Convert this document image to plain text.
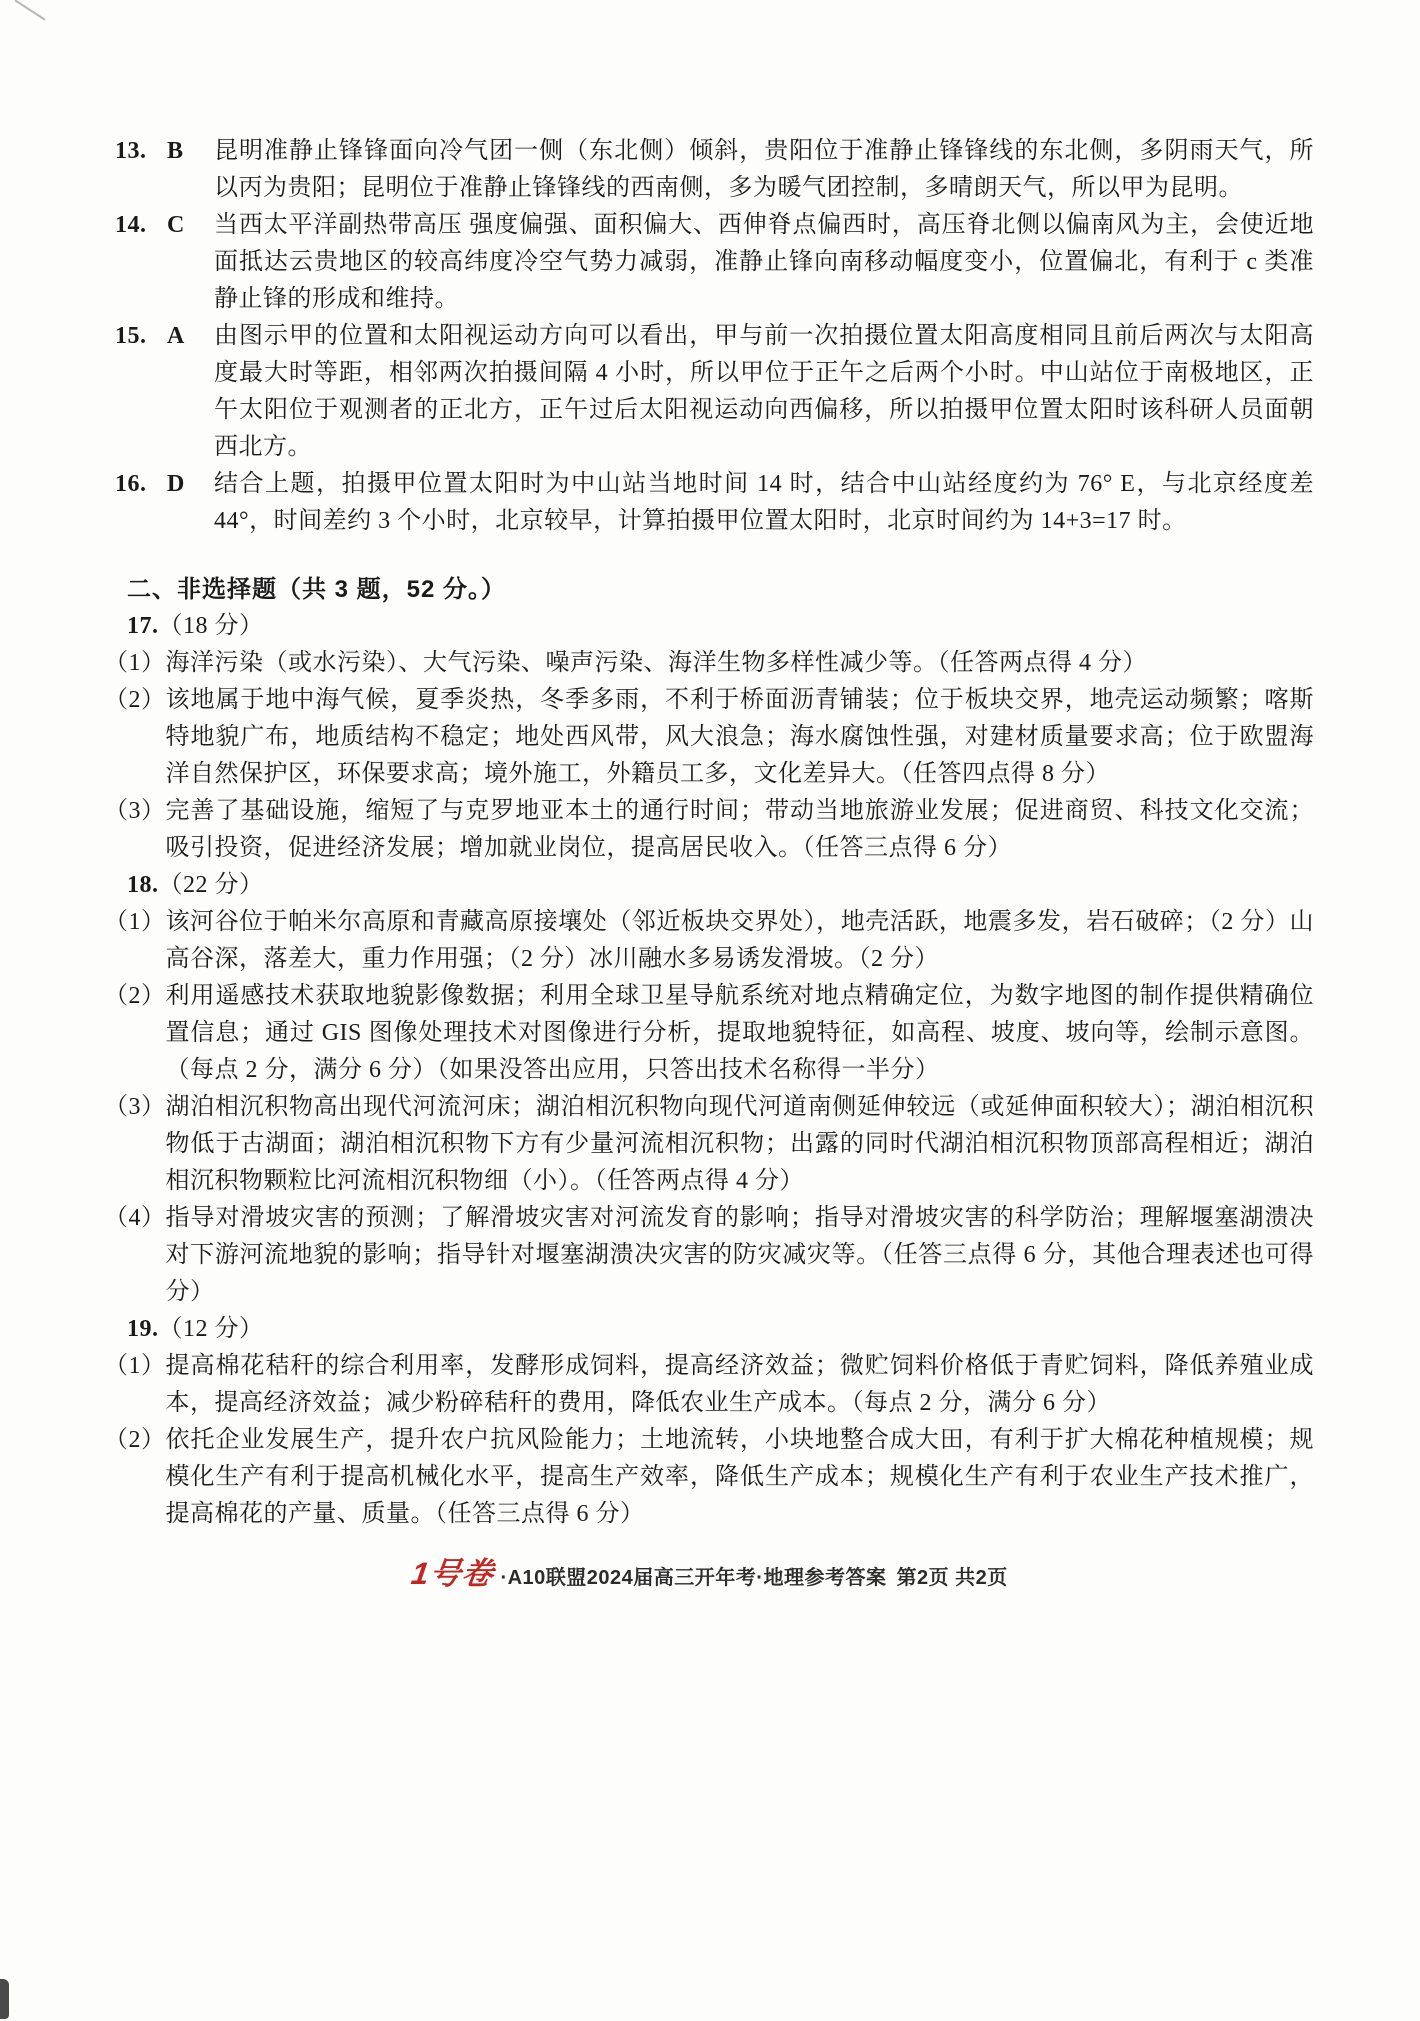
13. B	昆明准静止锋锋面向冷气团一侧（东北侧）倾斜，贵阳位于准静止锋锋线的东北侧，多阴雨天气，所以丙为贵阳；昆明位于准静止锋锋线的西南侧，多为暖气团控制，多晴朗天气，所以甲为昆明。
14. C	当西太平洋副热带高压 强度偏强、面积偏大、西伸脊点偏西时，高压脊北侧以偏南风为主，会使近地面抵达云贵地区的较高纬度冷空气势力减弱，准静止锋向南移动幅度变小，位置偏北，有利于 c 类准静止锋的形成和维持。
15. A	由图示甲的位置和太阳视运动方向可以看出，甲与前一次拍摄位置太阳高度相同且前后两次与太阳高度最大时等距，相邻两次拍摄间隔 4 小时，所以甲位于正午之后两个小时。中山站位于南极地区，正午太阳位于观测者的正北方，正午过后太阳视运动向西偏移，所以拍摄甲位置太阳时该科研人员面朝西北方。
16. D	结合上题，拍摄甲位置太阳时为中山站当地时间 14 时，结合中山站经度约为 76° E，与北京经度差 44°，时间差约 3 个小时，北京较早，计算拍摄甲位置太阳时，北京时间约为 14+3=17 时。
二、非选择题（共 3 题，52 分。）
17.（18 分）
（1） 海洋污染（或水污染）、大气污染、噪声污染、海洋生物多样性减少等。（任答两点得 4 分）
（2） 该地属于地中海气候，夏季炎热，冬季多雨，不利于桥面沥青铺装；位于板块交界，地壳运动频繁；喀斯特地貌广布，地质结构不稳定；地处西风带，风大浪急；海水腐蚀性强，对建材质量要求高；位于欧盟海洋自然保护区，环保要求高；境外施工，外籍员工多，文化差异大。（任答四点得 8 分）
（3） 完善了基础设施，缩短了与克罗地亚本土的通行时间；带动当地旅游业发展；促进商贸、科技文化交流；吸引投资，促进经济发展；增加就业岗位，提高居民收入。（任答三点得 6 分）
18.（22 分）
（1） 该河谷位于帕米尔高原和青藏高原接壤处（邻近板块交界处），地壳活跃，地震多发，岩石破碎；（2 分）山高谷深，落差大，重力作用强；（2 分）冰川融水多易诱发滑坡。（2 分）
（2） 利用遥感技术获取地貌影像数据；利用全球卫星导航系统对地点精确定位，为数字地图的制作提供精确位置信息；通过 GIS 图像处理技术对图像进行分析，提取地貌特征，如高程、坡度、坡向等，绘制示意图。（每点 2 分，满分 6 分）（如果没答出应用，只答出技术名称得一半分）
（3） 湖泊相沉积物高出现代河流河床；湖泊相沉积物向现代河道南侧延伸较远（或延伸面积较大）；湖泊相沉积物低于古湖面；湖泊相沉积物下方有少量河流相沉积物；出露的同时代湖泊相沉积物顶部高程相近；湖泊相沉积物颗粒比河流相沉积物细（小）。（任答两点得 4 分）
（4） 指导对滑坡灾害的预测；了解滑坡灾害对河流发育的影响；指导对滑坡灾害的科学防治；理解堰塞湖溃决对下游河流地貌的影响；指导针对堰塞湖溃决灾害的防灾减灾等。（任答三点得 6 分，其他合理表述也可得分）
19.（12 分）
（1） 提高棉花秸秆的综合利用率，发酵形成饲料，提高经济效益；微贮饲料价格低于青贮饲料，降低养殖业成本，提高经济效益；减少粉碎秸秆的费用，降低农业生产成本。（每点 2 分，满分 6 分）
（2） 依托企业发展生产，提升农户抗风险能力；土地流转，小块地整合成大田，有利于扩大棉花种植规模；规模化生产有利于提高机械化水平，提高生产效率，降低生产成本；规模化生产有利于农业生产技术推广，提高棉花的产量、质量。（任答三点得 6 分）
1号卷 ·A10联盟2024届高三开年考·地理参考答案 第2页 共2页
